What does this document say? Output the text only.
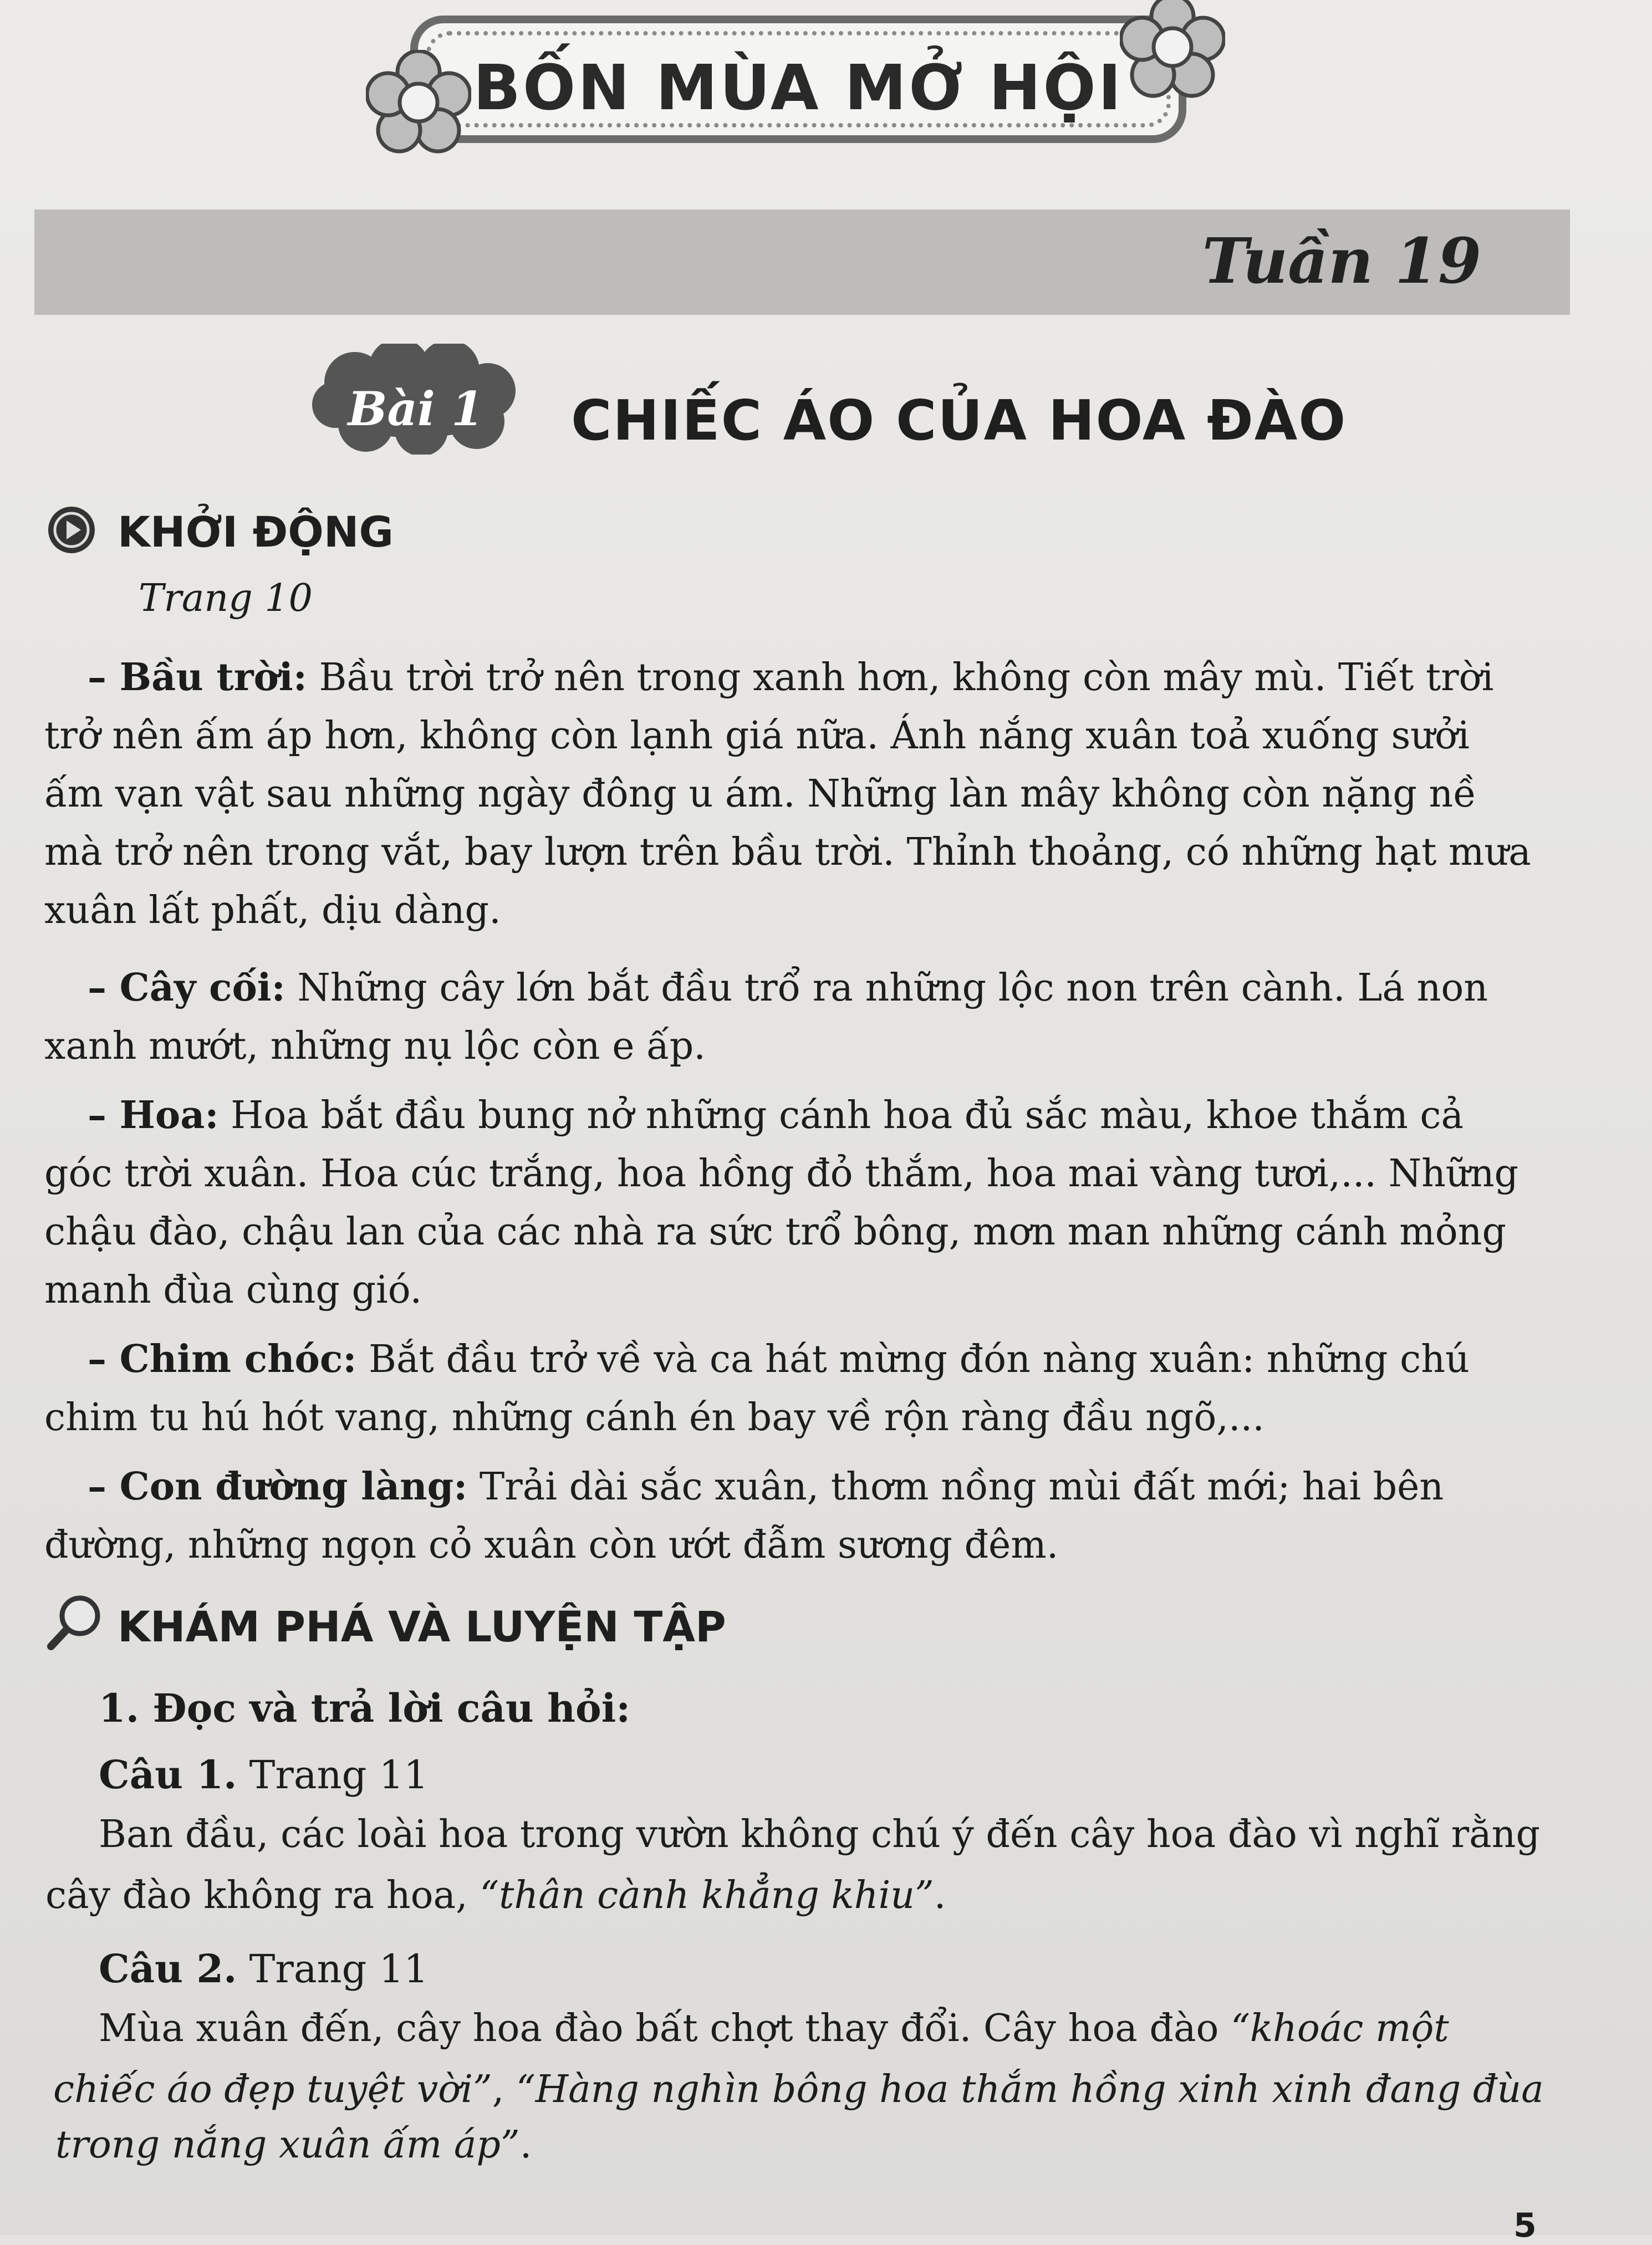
BỐN MÙA MỞ HỘI
Tuần 19
Bài 1	CHIẾC ÁO CỦA HOA ĐÀO
KHỞI ĐỘNG
Trang 10
– Bầu trời: Bầu trời trở nên trong xanh hơn, không còn mây mù. Tiết trời
trở nên ấm áp hơn, không còn lạnh giá nữa. Ánh nắng xuân toả xuống sưởi
ấm vạn vật sau những ngày đông u ám. Những làn mây không còn nặng nề
mà trở nên trong vắt, bay lượn trên bầu trời. Thỉnh thoảng, có những hạt mưa
xuân lất phất, dịu dàng.
– Cây cối: Những cây lớn bắt đầu trổ ra những lộc non trên cành. Lá non
xanh mướt, những nụ lộc còn e ấp.
– Hoa: Hoa bắt đầu bung nở những cánh hoa đủ sắc màu, khoe thắm cả
góc trời xuân. Hoa cúc trắng, hoa hồng đỏ thắm, hoa mai vàng tươi,... Những
chậu đào, chậu lan của các nhà ra sức trổ bông, mơn man những cánh mỏng
manh đùa cùng gió.
– Chim chóc: Bắt đầu trở về và ca hát mừng đón nàng xuân: những chú
chim tu hú hót vang, những cánh én bay về rộn ràng đầu ngõ,...
– Con đường làng: Trải dài sắc xuân, thơm nồng mùi đất mới; hai bên
đường, những ngọn cỏ xuân còn ướt đẫm sương đêm.
KHÁM PHÁ VÀ LUYỆN TẬP
1. Đọc và trả lời câu hỏi:
Câu 1. Trang 11
Ban đầu, các loài hoa trong vườn không chú ý đến cây hoa đào vì nghĩ rằng
cây đào không ra hoa, “thân cành khẳng khiu”.
Câu 2. Trang 11
Mùa xuân đến, cây hoa đào bất chợt thay đổi. Cây hoa đào “khoác một
chiếc áo đẹp tuyệt vời”, “Hàng nghìn bông hoa thắm hồng xinh xinh đang đùa
trong nắng xuân ấm áp”.
5
